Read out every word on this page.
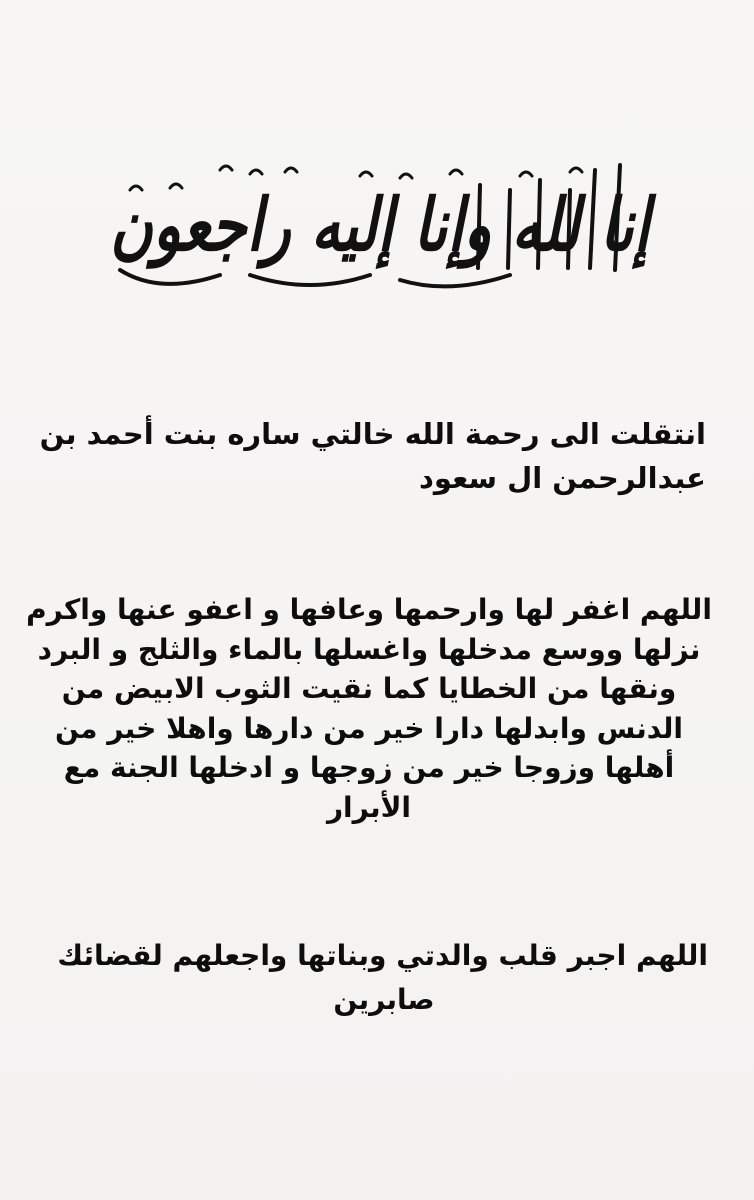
إنا لله وإنا إليه راجعون
انتقلت الى رحمة الله خالتي ساره بنت أحمد بن
عبدالرحمن ال سعود
اللهم اغفر لها وارحمها وعافها و اعفو عنها واكرم
نزلها ووسع مدخلها واغسلها بالماء والثلج و البرد
ونقها من الخطايا كما نقيت الثوب الابيض من
الدنس وابدلها دارا خير من دارها واهلا خير من
أهلها وزوجا خير من زوجها و ادخلها الجنة مع
الأبرار
اللهم اجبر قلب والدتي وبناتها واجعلهم لقضائك
صابرين
